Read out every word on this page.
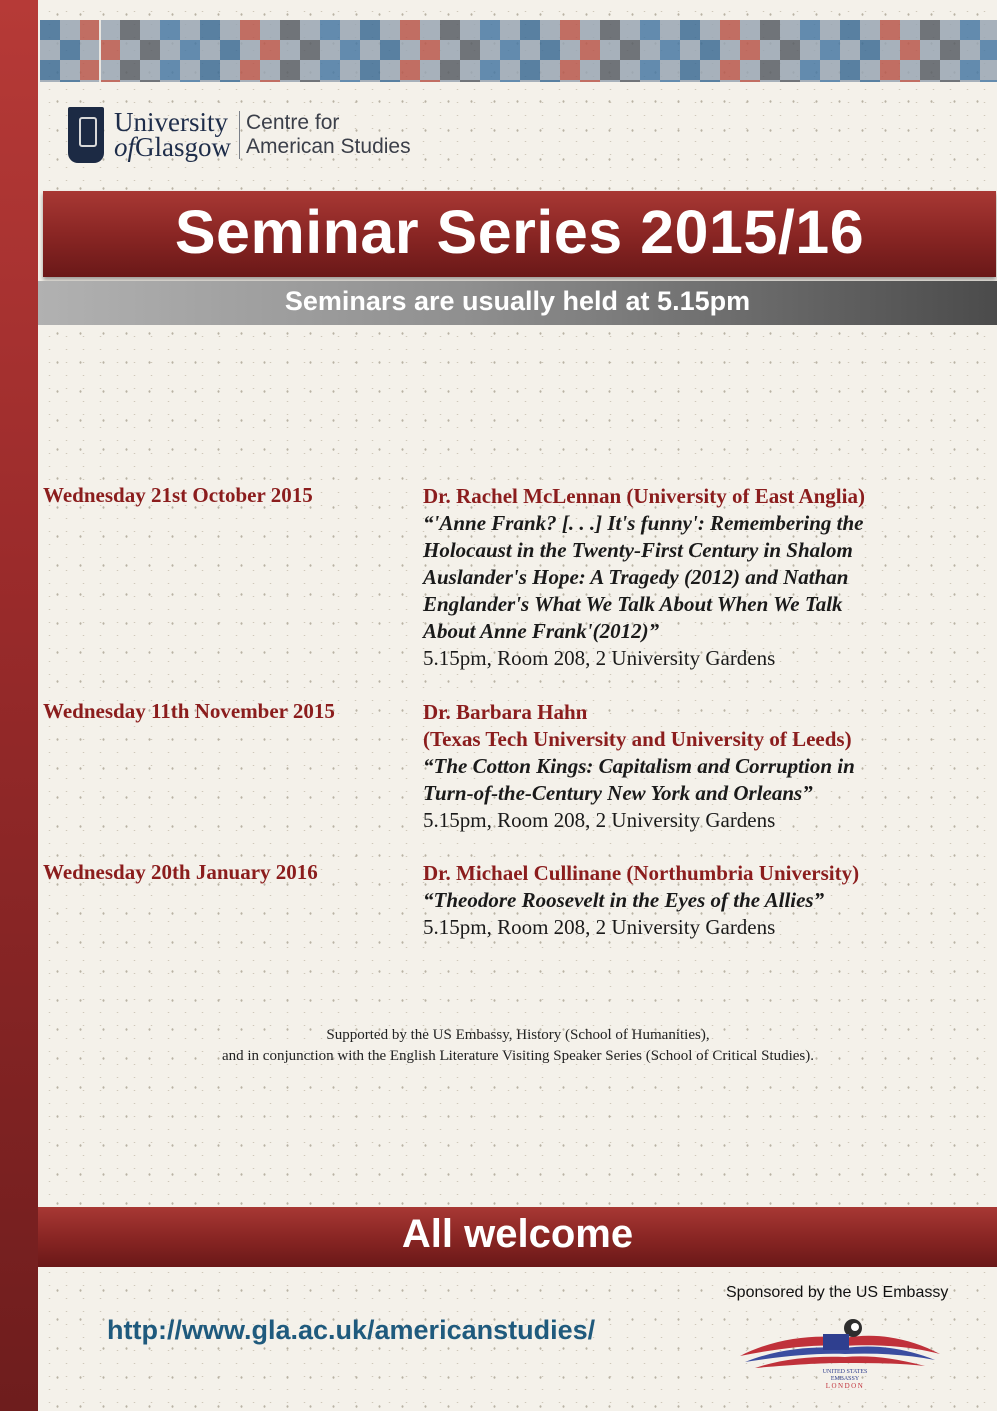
University
ofGlasgow
Centre for
American Studies
Seminar Series 2015/16
Seminars are usually held at 5.15pm
Wednesday 21st October 2015	Dr. Rachel McLennan (University of East Anglia)
“'Anne Frank? [. . .] It's funny': Remembering the
Holocaust in the Twenty-First Century in Shalom
Auslander's Hope: A Tragedy (2012) and Nathan
Englander's What We Talk About When We Talk
About Anne Frank'(2012)”
5.15pm, Room 208, 2 University Gardens
Wednesday 11th November 2015	Dr. Barbara Hahn
(Texas Tech University and University of Leeds)
“The Cotton Kings: Capitalism and Corruption in
Turn-of-the-Century New York and Orleans”
5.15pm, Room 208, 2 University Gardens
Wednesday 20th January 2016	Dr. Michael Cullinane (Northumbria University)
“Theodore Roosevelt in the Eyes of the Allies”
5.15pm, Room 208, 2 University Gardens
Supported by the US Embassy, History (School of Humanities),
and in conjunction with the English Literature Visiting Speaker Series (School of Critical Studies).
All welcome
Sponsored by the US Embassy
http://www.gla.ac.uk/americanstudies/
UNITED STATES
EMBASSY
LONDON
